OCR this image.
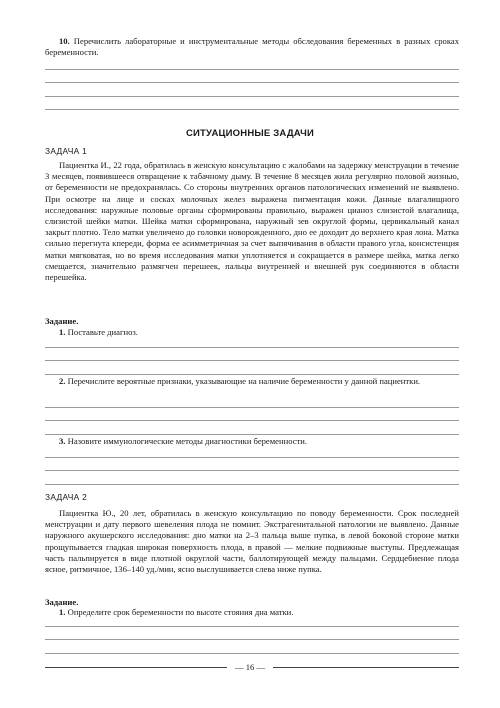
10. Перечислить лабораторные и инструментальные методы обследования беременных в разных сроках беременности.

СИТУАЦИОННЫЕ ЗАДАЧИ
ЗАДАЧА 1

Пациентка И., 22 года, обратилась в женскую консультацию с жалобами на задержку менструации в течение 3 месяцев, появившееся отвращение к табачному дыму. В течение 8 месяцев жила регулярно половой жизнью, от беременности не предохранялась. Со стороны внутренних органов патологических изменений не выявлено. При осмотре на лице и сосках молочных желез выражена пигментация кожи. Данные влагалищного исследования: наружные половые органы сформированы правильно, выражен цианоз слизистой влагалища, слизистой шейки матки. Шейка матки сформирована, наружный зев округлой формы, цервикальный канал закрыт плотно. Тело матки увеличено до головки новорожденного, дно ее доходит до верхнего края лона. Матка сильно перегнута кпереди, форма ее асимметричная за счет выпячивания в области правого угла, консистенция матки мягковатая, но во время исследования матки уплотняется и сокращается в размере шейка, матка легко смещается, значительно размягчен перешеек, пальцы внутренней и внешней рук соединяются в области перешейка.

Задание.

1. Поставьте диагноз.

2. Перечислите вероятные признаки, указывающие на наличие беременности у данной пациентки.

3. Назовите иммунологические методы диагностики беременности.

ЗАДАЧА 2

Пациентка Ю., 20 лет, обратилась в женскую консультацию по поводу беременности. Срок последней менструации и дату первого шевеления плода не помнит. Экстрагенитальной патологии не выявлено. Данные наружного акушерского исследования: дно матки на 2–3 пальца выше пупка, в левой боковой стороне матки прощупывается гладкая широкая поверхность плода, в правой — мелкие подвижные выступы. Предлежащая часть пальпируется в виде плотной округлой части, баллотирующей между пальцами. Сердцебиение плода ясное, ритмичное, 136–140 уд./мин, ясно выслушивается слева ниже пупка.

Задание.

1. Определите срок беременности по высоте стояния дна матки.

— 16 —
